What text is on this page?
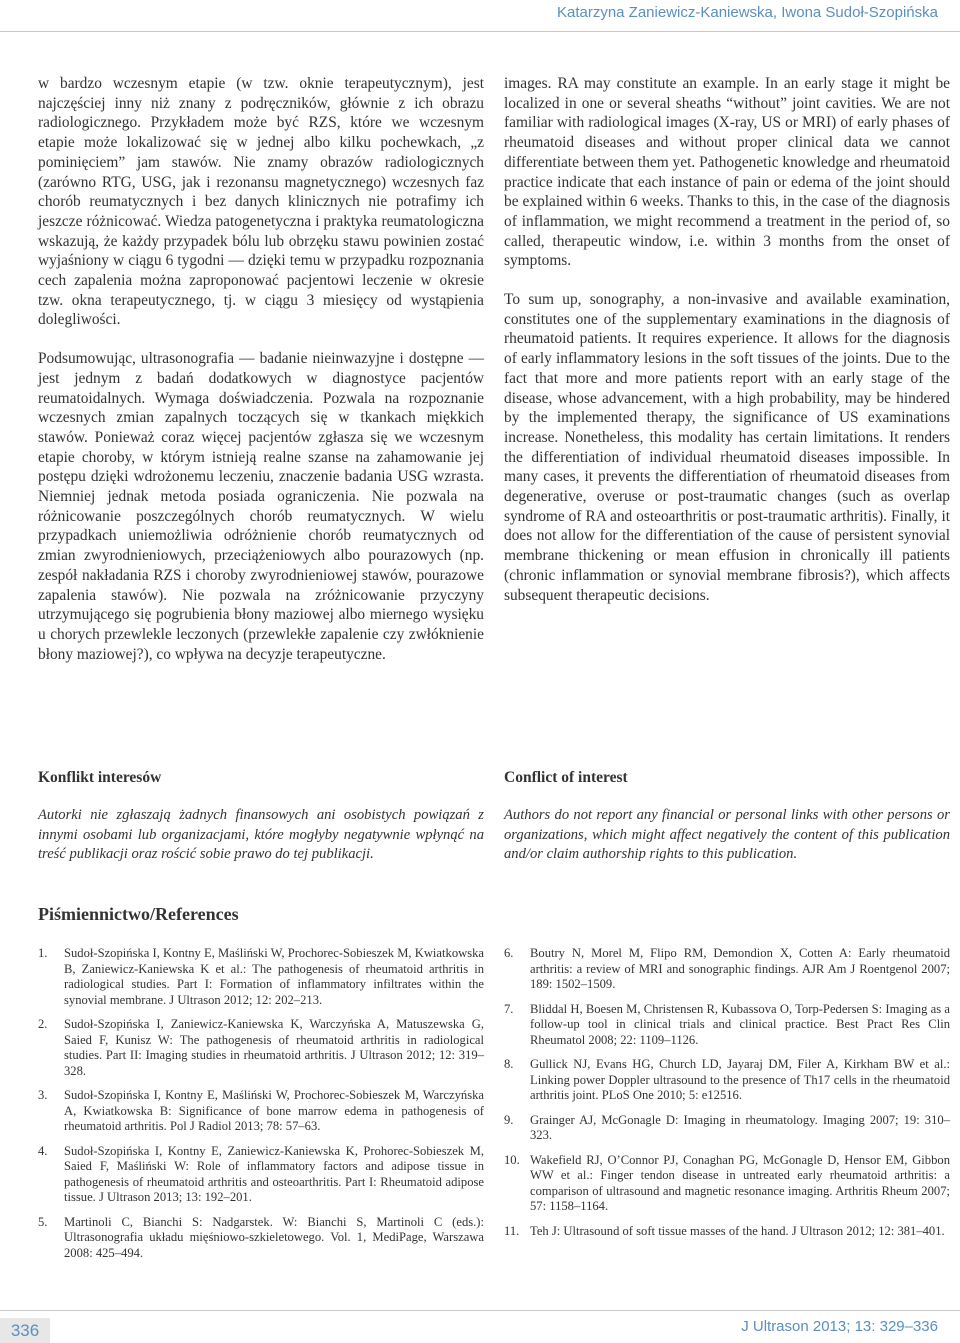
Katarzyna Zaniewicz-Kaniewska, Iwona Sudoł-Szopińska

w bardzo wczesnym etapie (w tzw. oknie terapeutycznym), jest najczęściej inny niż znany z podręczników, głównie z ich obrazu radiologicznego. Przykładem może być RZS, które we wczesnym etapie może lokalizować się w jednej albo kilku pochewkach, „z pominięciem” jam stawów. Nie znamy obrazów radiologicznych (zarówno RTG, USG, jak i rezonansu magnetycznego) wczesnych faz chorób reumatycznych i bez danych klinicznych nie potrafimy ich jeszcze różnicować. Wiedza patogenetyczna i praktyka reumatologiczna wskazują, że każdy przypadek bólu lub obrzęku stawu powinien zostać wyjaśniony w ciągu 6 tygodni — dzięki temu w przypadku rozpoznania cech zapalenia można zaproponować pacjentowi leczenie w okresie tzw. okna terapeutycznego, tj. w ciągu 3 miesięcy od wystąpienia dolegliwości.

Podsumowując, ultrasonografia — badanie nieinwazyjne i dostępne — jest jednym z badań dodatkowych w diagnostyce pacjentów reumatoidalnych. Wymaga doświadczenia. Pozwala na rozpoznanie wczesnych zmian zapalnych toczących się w tkankach miękkich stawów. Ponieważ coraz więcej pacjentów zgłasza się we wczesnym etapie choroby, w którym istnieją realne szanse na zahamowanie jej postępu dzięki wdrożonemu leczeniu, znaczenie badania USG wzrasta. Niemniej jednak metoda posiada ograniczenia. Nie pozwala na różnicowanie poszczególnych chorób reumatycznych. W wielu przypadkach uniemożliwia odróżnienie chorób reumatycznych od zmian zwyrodnieniowych, przeciążeniowych albo pourazowych (np. zespół nakładania RZS i choroby zwyrodnieniowej stawów, pourazowe zapalenia stawów). Nie pozwala na zróżnicowanie przyczyny utrzymującego się pogrubienia błony maziowej albo miernego wysięku u chorych przewlekle leczonych (przewlekłe zapalenie czy zwłóknienie błony maziowej?), co wpływa na decyzje terapeutyczne.

images. RA may constitute an example. In an early stage it might be localized in one or several sheaths “without” joint cavities. We are not familiar with radiological images (X-ray, US or MRI) of early phases of rheumatoid diseases and without proper clinical data we cannot differentiate between them yet. Pathogenetic knowledge and rheumatoid practice indicate that each instance of pain or edema of the joint should be explained within 6 weeks. Thanks to this, in the case of the diagnosis of inflammation, we might recommend a treatment in the period of, so called, therapeutic window, i.e. within 3 months from the onset of symptoms.

To sum up, sonography, a non-invasive and available examination, constitutes one of the supplementary examinations in the diagnosis of rheumatoid patients. It requires experience. It allows for the diagnosis of early inflammatory lesions in the soft tissues of the joints. Due to the fact that more and more patients report with an early stage of the disease, whose advancement, with a high probability, may be hindered by the implemented therapy, the significance of US examinations increase. Nonetheless, this modality has certain limitations. It renders the differentiation of individual rheumatoid diseases impossible. In many cases, it prevents the differentiation of rheumatoid diseases from degenerative, overuse or post-traumatic changes (such as overlap syndrome of RA and osteoarthritis or post-traumatic arthritis). Finally, it does not allow for the differentiation of the cause of persistent synovial membrane thickening or mean effusion in chronically ill patients (chronic inflammation or synovial membrane fibrosis?), which affects subsequent therapeutic decisions.

Konflikt interesów

Autorki nie zgłaszają żadnych finansowych ani osobistych powiązań z innymi osobami lub organizacjami, które mogłyby negatywnie wpłynąć na treść publikacji oraz rościć sobie prawo do tej publikacji.

Conflict of interest

Authors do not report any financial or personal links with other persons or organizations, which might affect negatively the content of this publication and/or claim authorship rights to this publication.

Piśmiennictwo/References
1. Sudoł-Szopińska I, Kontny E, Maśliński W, Prochorec-Sobieszek M, Kwiatkowska B, Zaniewicz-Kaniewska K et al.: The pathogenesis of rheumatoid arthritis in radiological studies. Part I: Formation of inflammatory infiltrates within the synovial membrane. J Ultrason 2012; 12: 202–213.
2. Sudoł-Szopińska I, Zaniewicz-Kaniewska K, Warczyńska A, Matuszewska G, Saied F, Kunisz W: The pathogenesis of rheumatoid arthritis in radiological studies. Part II: Imaging studies in rheumatoid arthritis. J Ultrason 2012; 12: 319–328.
3. Sudoł-Szopińska I, Kontny E, Maśliński W, Prochorec-Sobieszek M, Warczyńska A, Kwiatkowska B: Significance of bone marrow edema in pathogenesis of rheumatoid arthritis. Pol J Radiol 2013; 78: 57–63.
4. Sudoł-Szopińska I, Kontny E, Zaniewicz-Kaniewska K, Prohorec-Sobieszek M, Saied F, Maśliński W: Role of inflammatory factors and adipose tissue in pathogenesis of rheumatoid arthritis and osteoarthritis. Part I: Rheumatoid adipose tissue. J Ultrason 2013; 13: 192–201.
5. Martinoli C, Bianchi S: Nadgarstek. W: Bianchi S, Martinoli C (eds.): Ultrasonografia układu mięśniowo-szkieletowego. Vol. 1, MediPage, Warszawa 2008: 425–494.
6. Boutry N, Morel M, Flipo RM, Demondion X, Cotten A: Early rheumatoid arthritis: a review of MRI and sonographic findings. AJR Am J Roentgenol 2007; 189: 1502–1509.
7. Bliddal H, Boesen M, Christensen R, Kubassova O, Torp-Pedersen S: Imaging as a follow-up tool in clinical trials and clinical practice. Best Pract Res Clin Rheumatol 2008; 22: 1109–1126.
8. Gullick NJ, Evans HG, Church LD, Jayaraj DM, Filer A, Kirkham BW et al.: Linking power Doppler ultrasound to the presence of Th17 cells in the rheumatoid arthritis joint. PLoS One 2010; 5: e12516.
9. Grainger AJ, McGonagle D: Imaging in rheumatology. Imaging 2007; 19: 310–323.
10. Wakefield RJ, O’Connor PJ, Conaghan PG, McGonagle D, Hensor EM, Gibbon WW et al.: Finger tendon disease in untreated early rheumatoid arthritis: a comparison of ultrasound and magnetic resonance imaging. Arthritis Rheum 2007; 57: 1158–1164.
11. Teh J: Ultrasound of soft tissue masses of the hand. J Ultrason 2012; 12: 381–401.
336	J Ultrason 2013; 13: 329–336
